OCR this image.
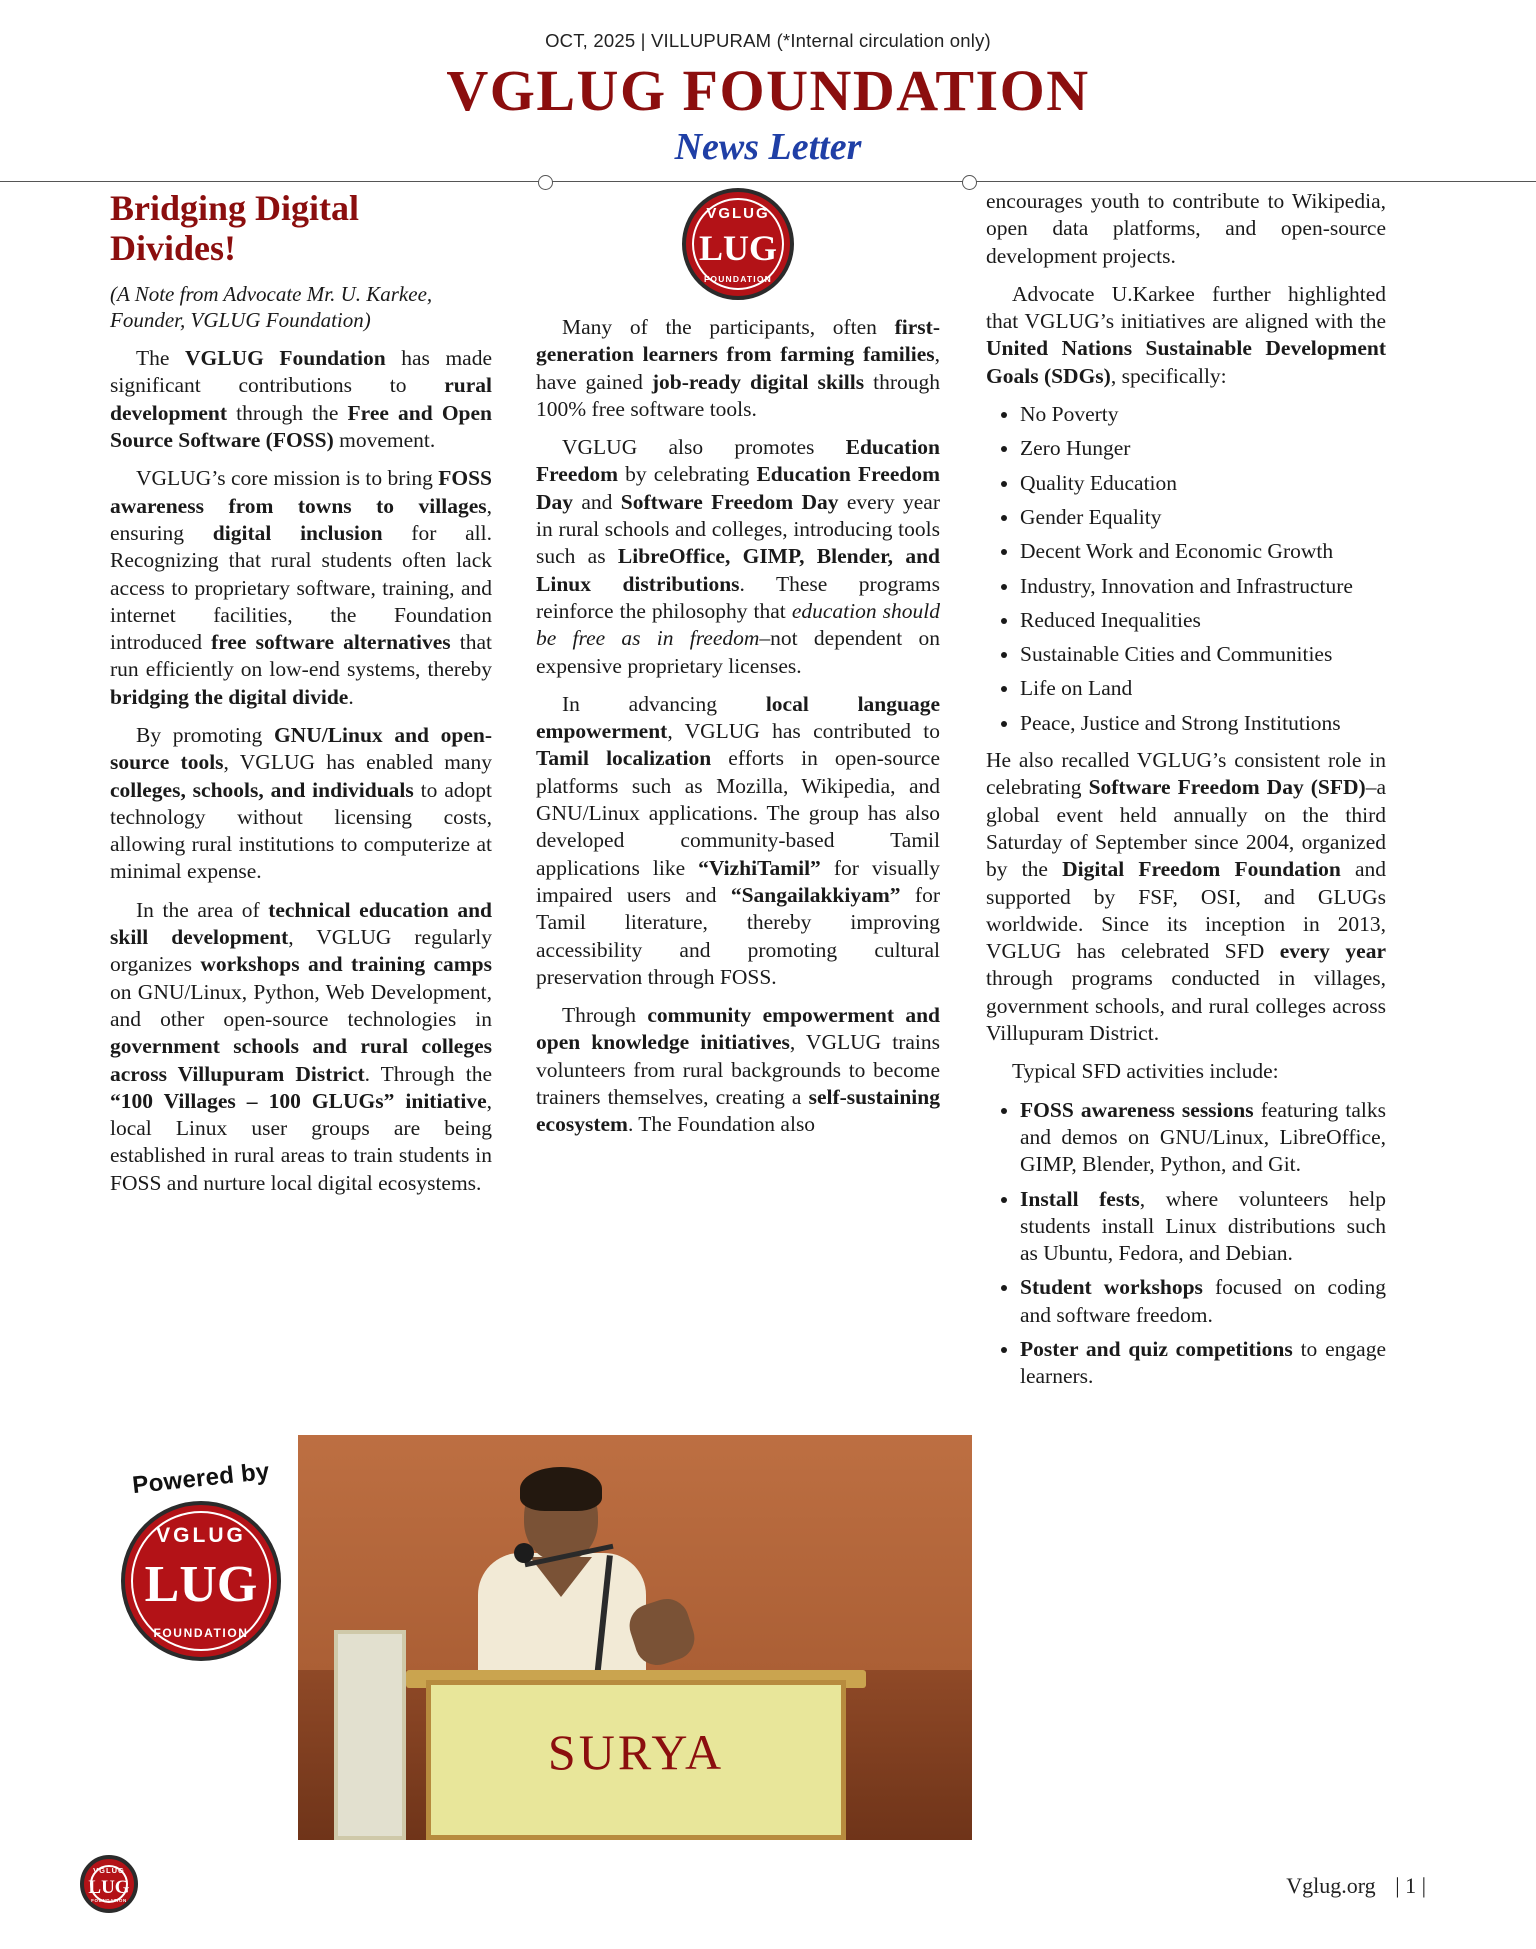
OCT, 2025 | VILLUPURAM (*Internal circulation only)
VGLUG FOUNDATION
News Letter
Bridging Digital Divides!
(A Note from Advocate Mr. U. Karkee, Founder, VGLUG Foundation)

The VGLUG Foundation has made significant contributions to rural development through the Free and Open Source Software (FOSS) movement.

VGLUG’s core mission is to bring FOSS awareness from towns to villages, ensuring digital inclusion for all. Recognizing that rural students often lack access to proprietary software, training, and internet facilities, the Foundation introduced free software alternatives that run efficiently on low-end systems, thereby bridging the digital divide.

By promoting GNU/Linux and open-source tools, VGLUG has enabled many colleges, schools, and individuals to adopt technology without licensing costs, allowing rural institutions to computerize at minimal expense.

In the area of technical education and skill development, VGLUG regularly organizes workshops and training camps on GNU/Linux, Python, Web Development, and other open-source technologies in government schools and rural colleges across Villupuram District. Through the “100 Villages – 100 GLUGs” initiative, local Linux user groups are being established in rural areas to train students in FOSS and nurture local digital ecosystems.

VGLUG
LUG
FOUNDATION

Many of the participants, often first-generation learners from farming families, have gained job-ready digital skills through 100% free software tools.

VGLUG also promotes Education Freedom by celebrating Education Freedom Day and Software Freedom Day every year in rural schools and colleges, introducing tools such as LibreOffice, GIMP, Blender, and Linux distributions. These programs reinforce the philosophy that education should be free as in freedom–not dependent on expensive proprietary licenses.

In advancing local language empowerment, VGLUG has contributed to Tamil localization efforts in open-source platforms such as Mozilla, Wikipedia, and GNU/Linux applications. The group has also developed community-based Tamil applications like “VizhiTamil” for visually impaired users and “Sangailakkiyam” for Tamil literature, thereby improving accessibility and promoting cultural preservation through FOSS.

Through community empowerment and open knowledge initiatives, VGLUG trains volunteers from rural backgrounds to become trainers themselves, creating a self-sustaining ecosystem. The Foundation also

encourages youth to contribute to Wikipedia, open data platforms, and open-source development projects.

Advocate U.Karkee further highlighted that VGLUG’s initiatives are aligned with the United Nations Sustainable Development Goals (SDGs), specifically:

• No Poverty
• Zero Hunger
• Quality Education
• Gender Equality
• Decent Work and Economic Growth
• Industry, Innovation and Infrastructure
• Reduced Inequalities
• Sustainable Cities and Communities
• Life on Land
• Peace, Justice and Strong Institutions

He also recalled VGLUG’s consistent role in celebrating Software Freedom Day (SFD)–a global event held annually on the third Saturday of September since 2004, organized by the Digital Freedom Foundation and supported by FSF, OSI, and GLUGs worldwide. Since its inception in 2013, VGLUG has celebrated SFD every year through programs conducted in villages, government schools, and rural colleges across Villupuram District.

Typical SFD activities include:

• FOSS awareness sessions featuring talks and demos on GNU/Linux, LibreOffice, GIMP, Blender, Python, and Git.
• Install fests, where volunteers help students install Linux distributions such as Ubuntu, Fedora, and Debian.
• Student workshops focused on coding and software freedom.
• Poster and quiz competitions to engage learners.
Powered by
VGLUG
LUG
FOUNDATION
SURYA
VGLUG
LUG
FOUNDATION
Vglug.org | 1 |
